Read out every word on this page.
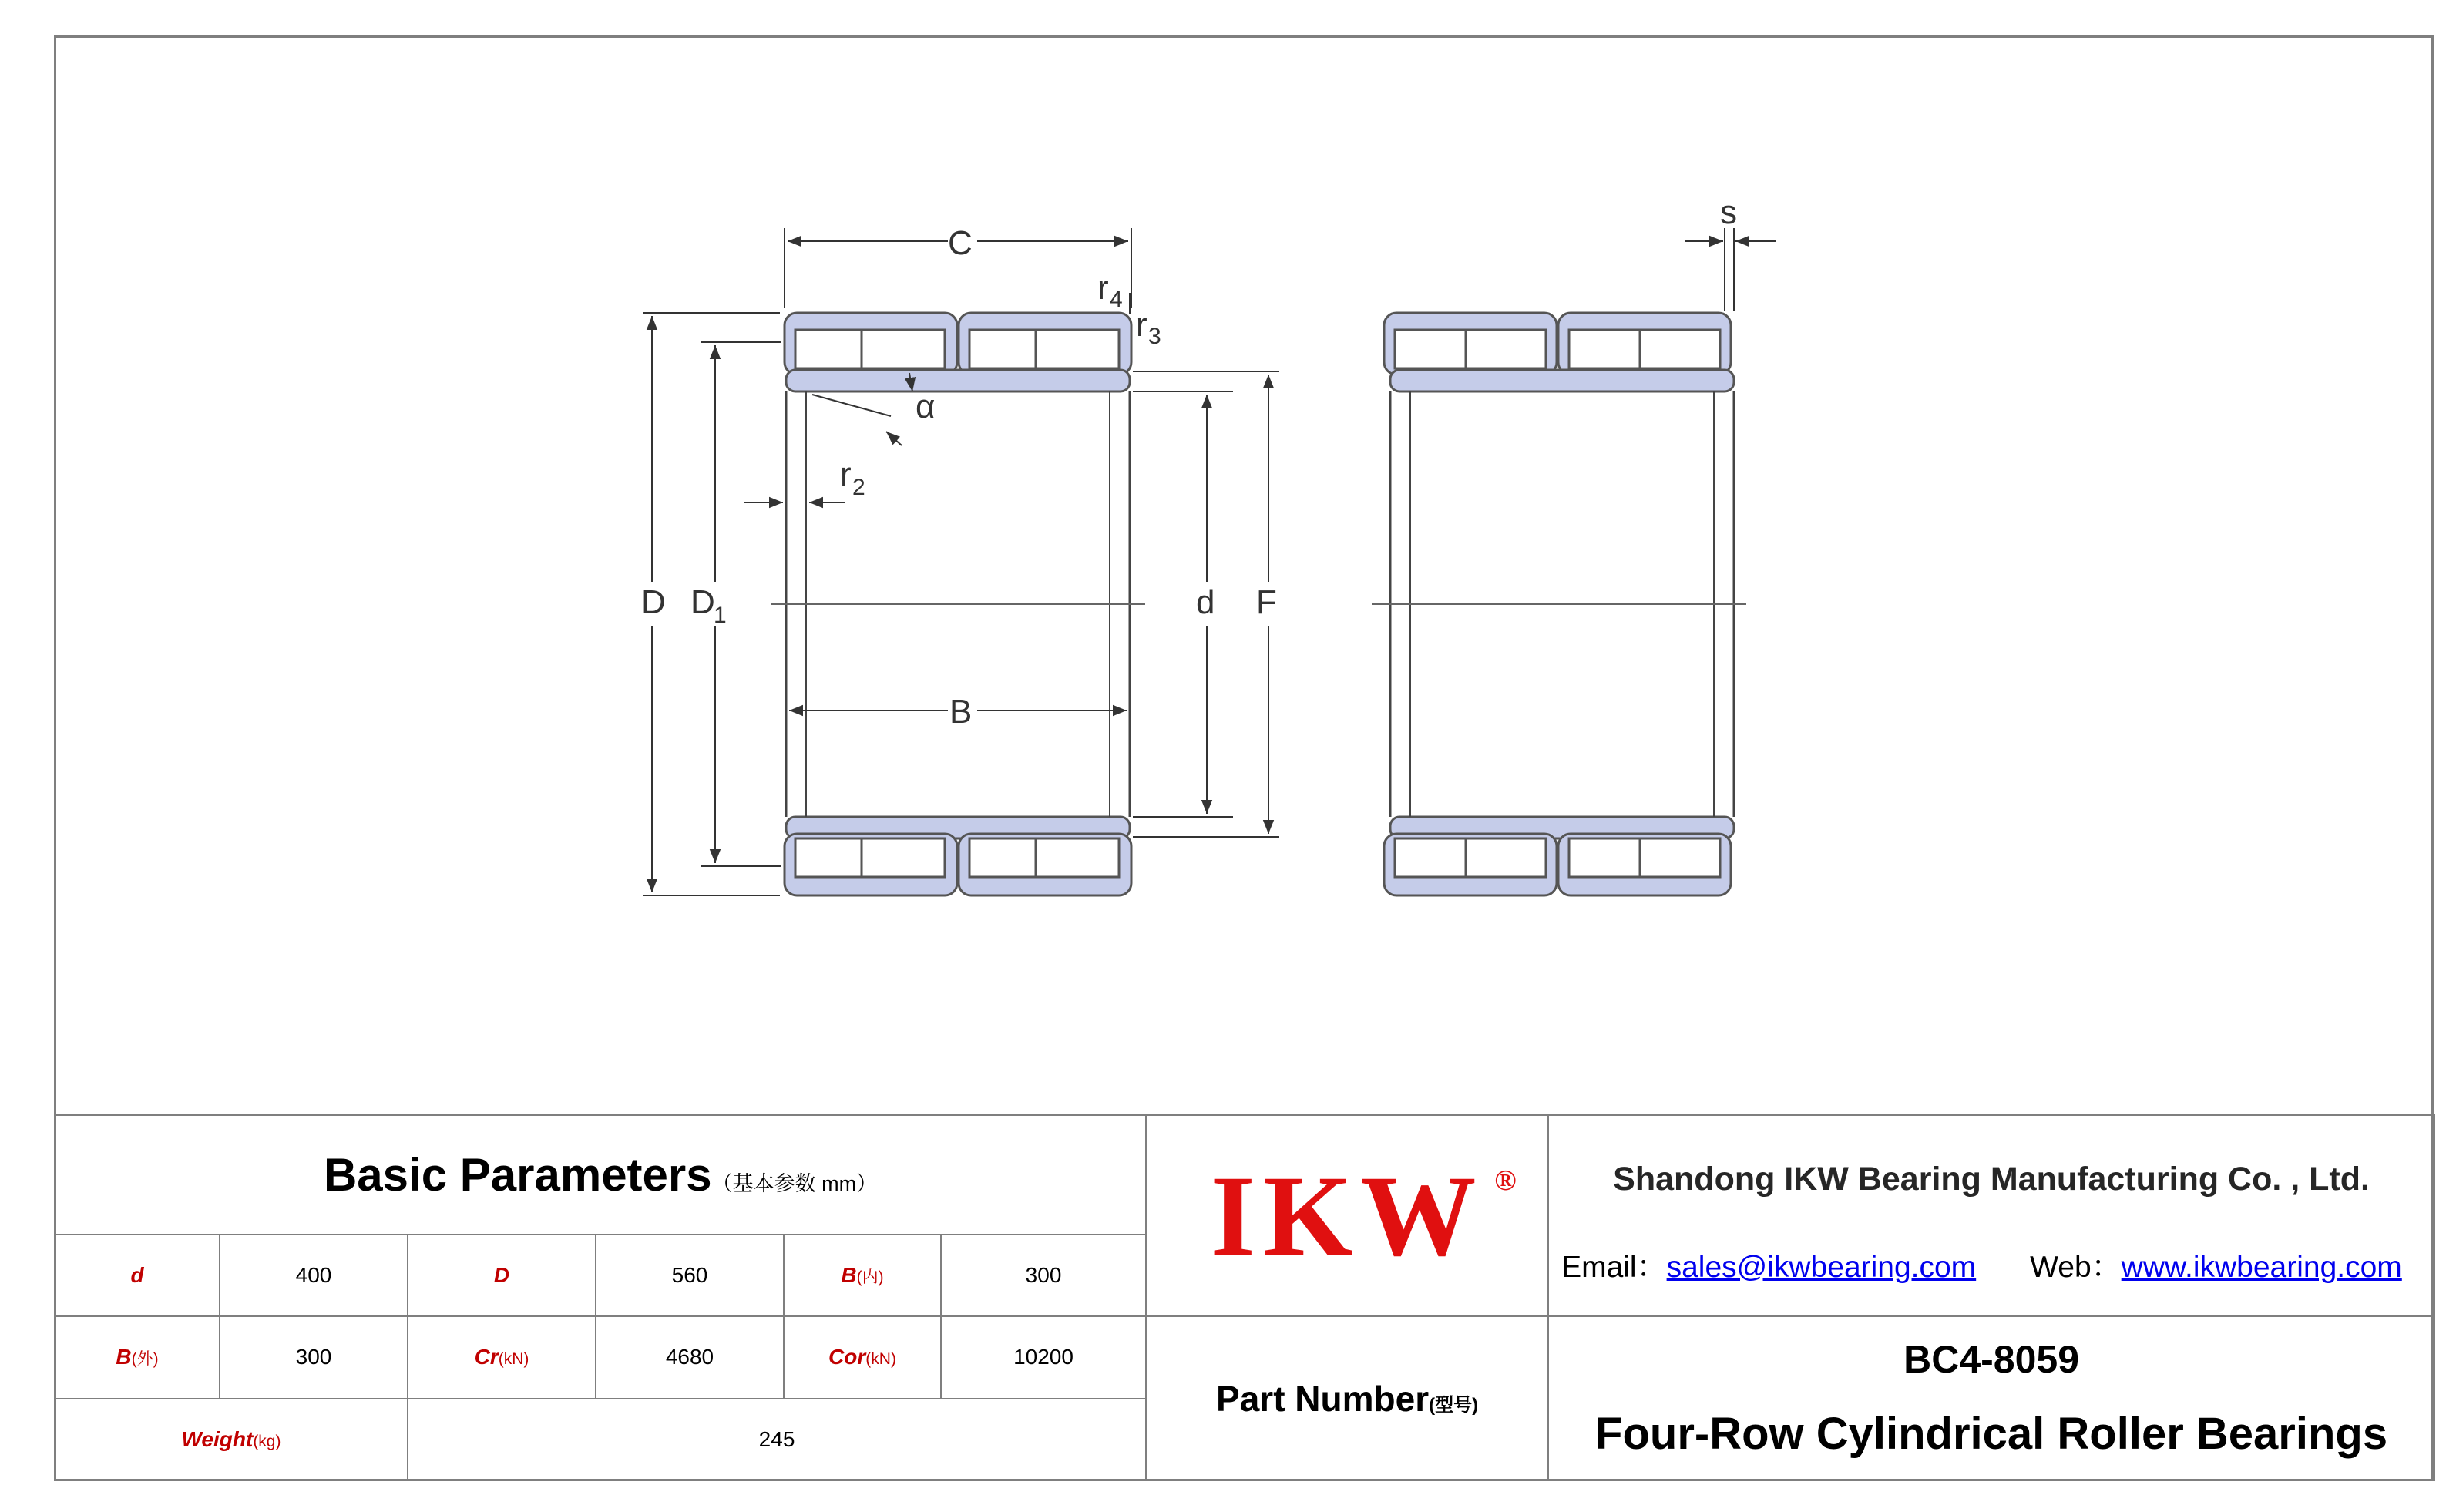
C
r 4
r 3
α
r 2
D D
1	d F
B
s
Basic Parameters（基本参数 mm）						IKW ®	Shandong IKW Bearing Manufacturing Co. , Ltd.
Email：sales@ikwbearing.com Web：www.ikwbearing.com

d	400	D	560	B(内)	300		
B(外)	300	Cr(kN)	4680	Cor(kN)	10200	Part Number(型号)	BC4-8059
Four-Row Cylindrical Roller Bearings

Weight(kg)		245					
